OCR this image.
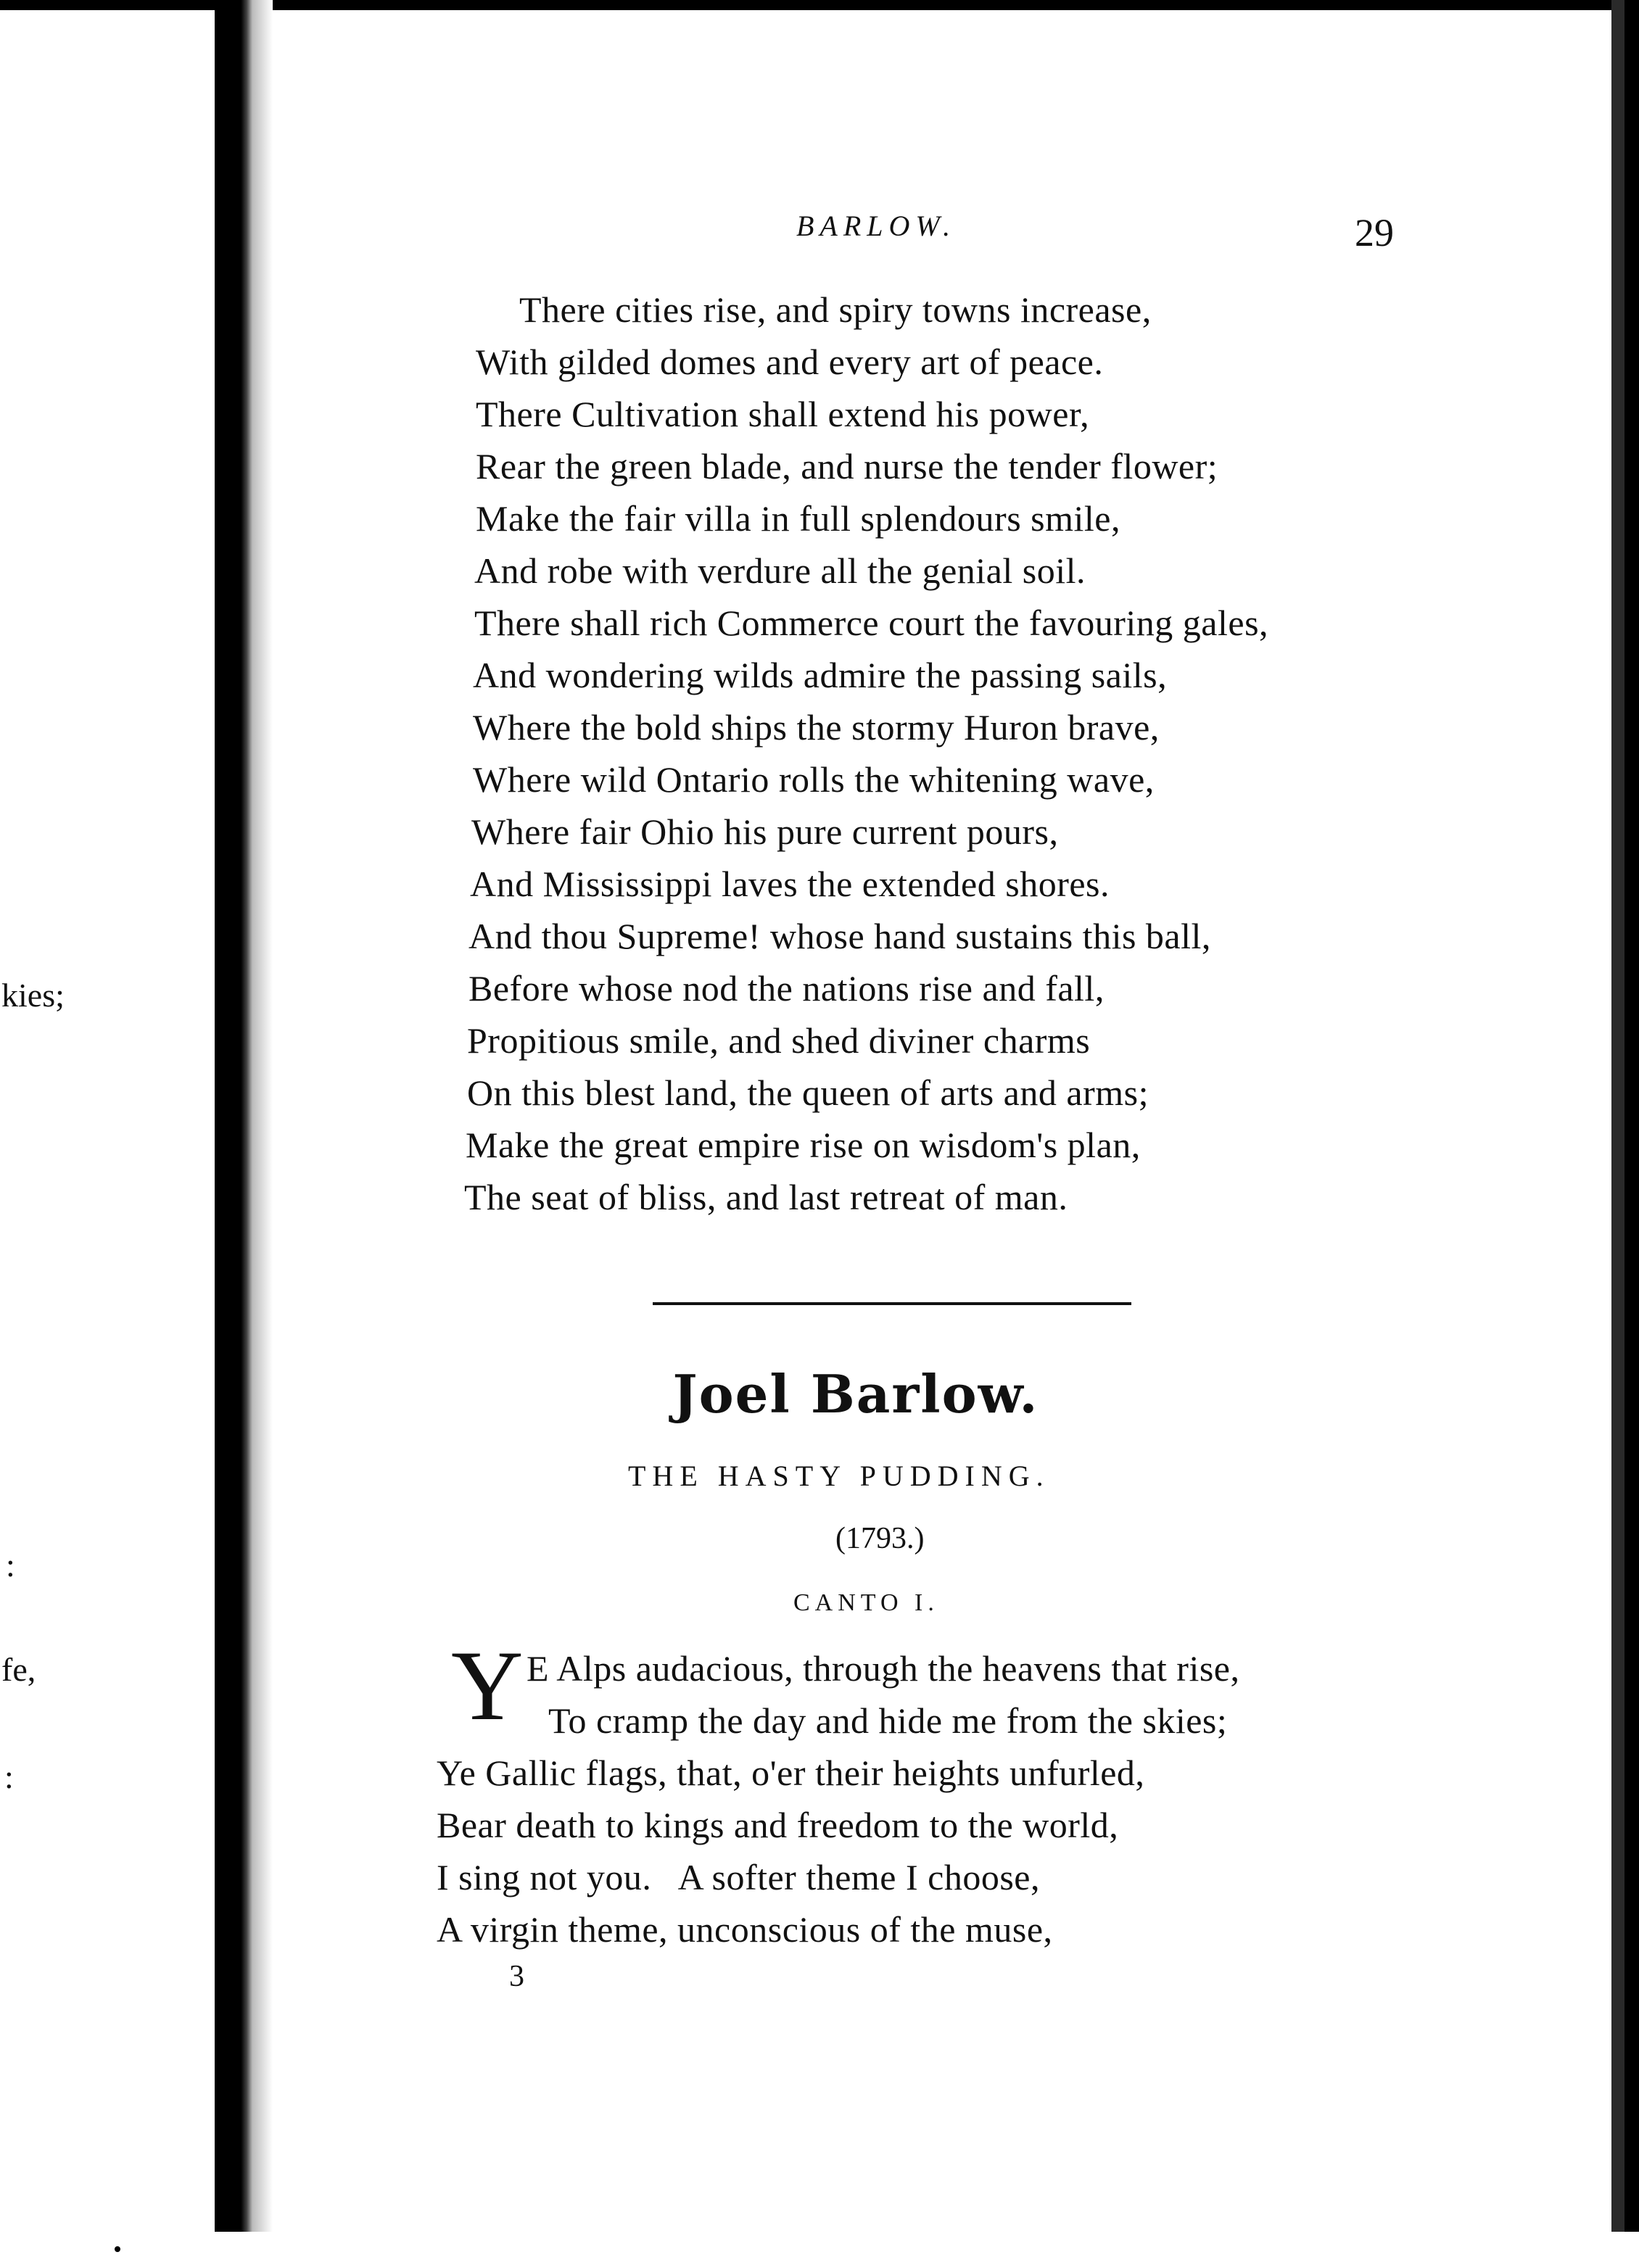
kies;
:
fe,
:
BARLOW.	29
There cities rise, and spiry towns increase,
With gilded domes and every art of peace.
There Cultivation shall extend his power,
Rear the green blade, and nurse the tender flower;
Make the fair villa in full splendours smile,
And robe with verdure all the genial soil.
There shall rich Commerce court the favouring gales,
And wondering wilds admire the passing sails,
Where the bold ships the stormy Huron brave,
Where wild Ontario rolls the whitening wave,
Where fair Ohio his pure current pours,
And Mississippi laves the extended shores.
And thou Supreme! whose hand sustains this ball,
Before whose nod the nations rise and fall,
Propitious smile, and shed diviner charms
On this blest land, the queen of arts and arms;
Make the great empire rise on wisdom's plan,
The seat of bliss, and last retreat of man.
Joel Barlow.
THE HASTY PUDDING.
(1793.)
CANTO I.
Y E Alps audacious, through the heavens that rise,
To cramp the day and hide me from the skies;
Ye Gallic flags, that, o'er their heights unfurled,
Bear death to kings and freedom to the world,
I sing not you.   A softer theme I choose,
A virgin theme, unconscious of the muse,
3
